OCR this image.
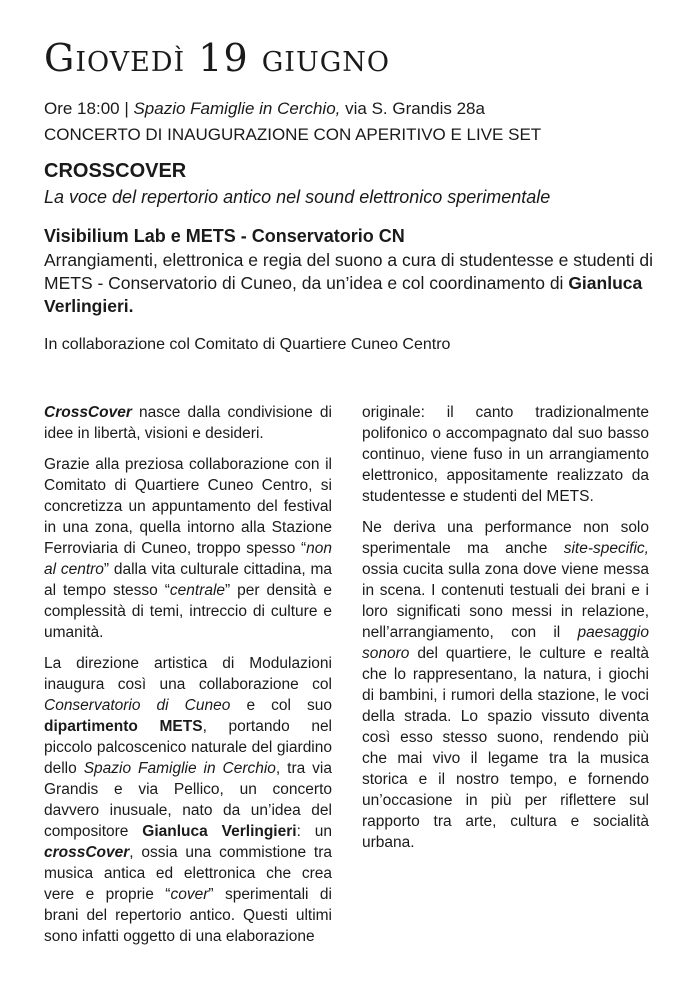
Giovedì 19 giugno
Ore 18:00 | Spazio Famiglie in Cerchio, via S. Grandis 28a
CONCERTO DI INAUGURAZIONE CON APERITIVO E LIVE SET
CROSSCOVER
La voce del repertorio antico nel sound elettronico sperimentale
Visibilium Lab e METS - Conservatorio CN
Arrangiamenti, elettronica e regia del suono a cura di studentesse e studenti di METS - Conservatorio di Cuneo, da un’idea e col coordinamento di Gianluca Verlingieri.
In collaborazione col Comitato di Quartiere Cuneo Centro

CrossCover nasce dalla condivisione di idee in libertà, visioni e desideri.

Grazie alla preziosa collaborazione con il Comitato di Quartiere Cuneo Centro, si concretizza un appuntamento del festival in una zona, quella intorno alla Stazione Ferroviaria di Cuneo, troppo spesso “non al centro” dalla vita culturale cittadina, ma al tempo stesso “centrale” per densità e complessità di temi, intreccio di culture e umanità.

La direzione artistica di Modulazioni inaugura così una collaborazione col Conservatorio di Cuneo e col suo dipartimento METS, portando nel piccolo palcoscenico naturale del giardino dello Spazio Famiglie in Cerchio, tra via Grandis e via Pellico, un concerto davvero inusuale, nato da un’idea del compositore Gianluca Verlingieri: un crossCover, ossia una commistione tra musica antica ed elettronica che crea vere e proprie “cover” sperimentali di brani del repertorio antico. Questi ultimi sono infatti oggetto di una elaborazione

originale: il canto tradizionalmente polifonico o accompagnato dal suo basso continuo, viene fuso in un arrangiamento elettronico, appositamente realizzato da studentesse e studenti del METS.

Ne deriva una performance non solo sperimentale ma anche site-specific, ossia cucita sulla zona dove viene messa in scena. I contenuti testuali dei brani e i loro significati sono messi in relazione, nell’arrangiamento, con il paesaggio sonoro del quartiere, le culture e realtà che lo rappresentano, la natura, i giochi di bambini, i rumori della stazione, le voci della strada. Lo spazio vissuto diventa così esso stesso suono, rendendo più che mai vivo il legame tra la musica storica e il nostro tempo, e fornendo un’occasione in più per riflettere sul rapporto tra arte, cultura e socialità urbana.
